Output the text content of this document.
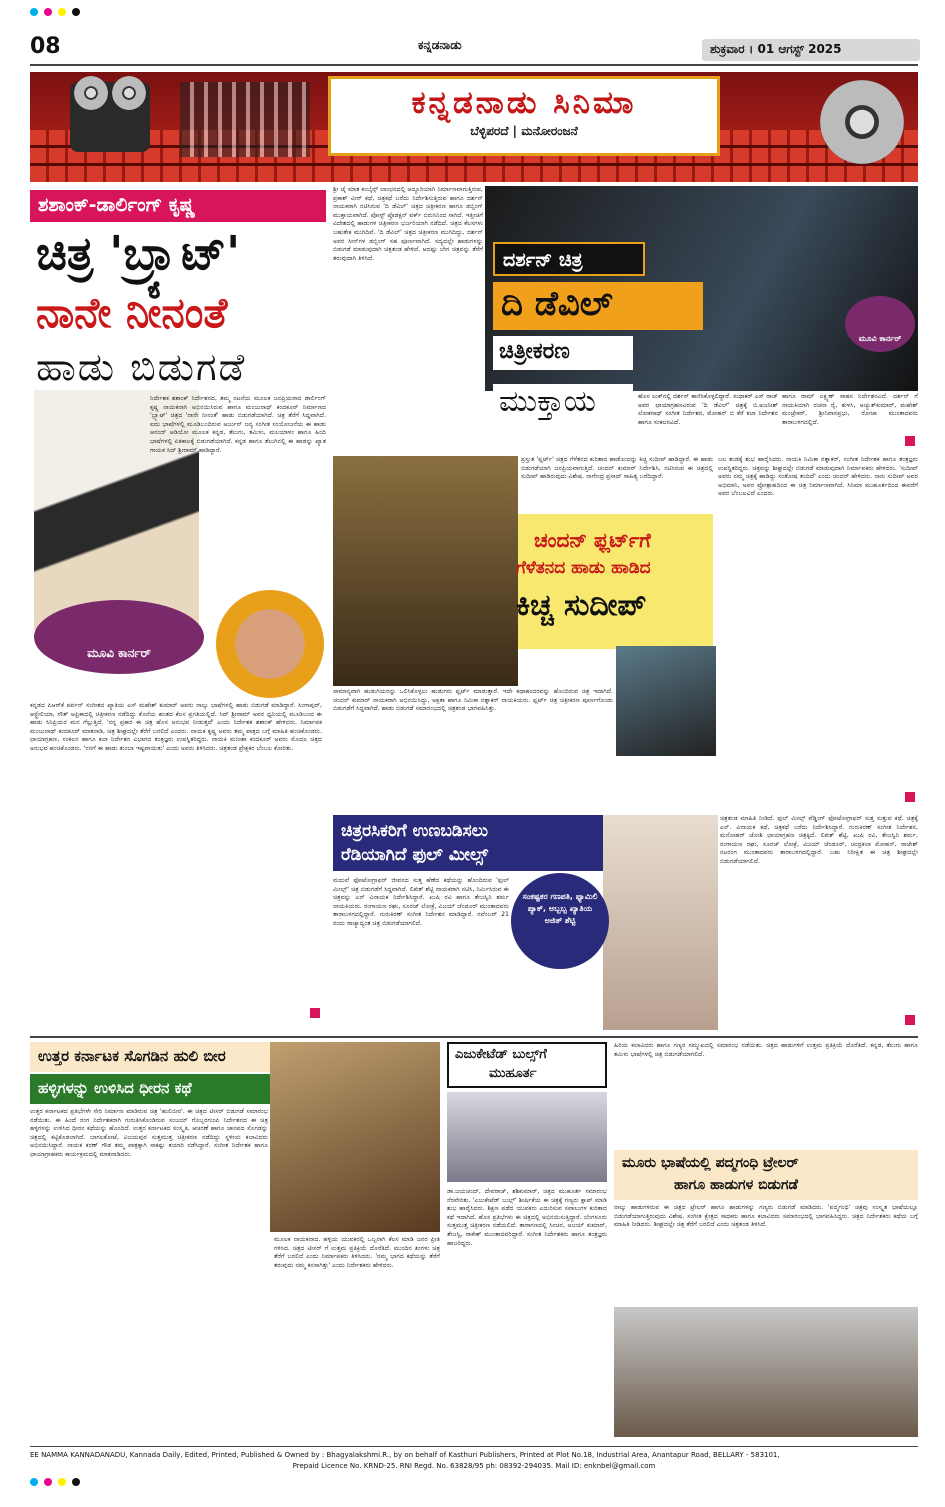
08	ಕನ್ನಡನಾಡು	ಶುಕ್ರವಾರ । 01 ಆಗಸ್ಟ್ 2025
ಕನ್ನಡನಾಡು ಸಿನಿಮಾ
ಬೆಳ್ಳಿಪರದೆ | ಮನೋರಂಜನೆ
ಶಶಾಂಕ್-ಡಾರ್ಲಿಂಗ್ ಕೃಷ್ಣ
ಚಿತ್ರ 'ಬ್ರ್ಯಾಟ್'
ನಾನೇ ನೀನಂತೆ
ಹಾಡು ಬಿಡುಗಡೆ
ನಿರ್ದೇಶಕ ಶಶಾಂಕ್ ನಿರ್ದೇಶನದ, ತಮ್ಮ ನಟನೆಯ ಮೂಲಕ ಜನಪ್ರಿಯರಾದ ಡಾರ್ಲಿಂಗ್ ಕೃಷ್ಣ ನಾಯಕನಾಗಿ ಅಭಿನಯಿಸಿರುವ ಹಾಗೂ ಮಂಜುನಾಥ್ ಕಂದಕೂರ್ ನಿರ್ಮಾಣದ 'ಬ್ರ್ಯಾಟ್' ಚಿತ್ರದ 'ನಾನೇ ನೀನಂತೆ' ಹಾಡು ಬಿಡುಗಡೆಯಾಗಿದೆ. ಚಿತ್ರ ತೆರೆಗೆ ಸಿದ್ದವಾಗಿದೆ. ಐದು ಭಾಷೆಗಳಲ್ಲಿ ಮೂಡಿಬಂದಿರುವ ಅರ್ಜುನ್ ಜನ್ಯ ಸಂಗೀತ ಸಂಯೋಜನೆಯ ಈ ಹಾಡು ಆನಂದ್ ಆಡಿಯೋ ಮೂಲಕ ಕನ್ನಡ, ತೆಲುಗು, ತಮಿಳು, ಮಲಯಾಳಂ ಹಾಗೂ ಹಿಂದಿ ಭಾಷೆಗಳಲ್ಲಿ ಏಕಕಾಲಕ್ಕೆ ಬಿಡುಗಡೆಯಾಗಿದೆ. ಕನ್ನಡ ಹಾಗೂ ತೆಲುಗಿನಲ್ಲಿ ಈ ಹಾಡನ್ನು ಖ್ಯಾತ ಗಾಯಕ ಸಿದ್ ಶ್ರೀರಾಮ್ ಹಾಡಿದ್ದಾರೆ.
ಮೂವಿ ಕಾರ್ನರ್
ಕನ್ನಡದ ಪಿಆರ್‌ಕೆ ಪರ್ವನ್ ಸಂಗೀತದ ಖ್ಯಾತಿಯ ಎಸ್ ಮಹೇಶ್ ಕುಮಾರ್ ಅವರು ನಾಲ್ಕು ಭಾಷೆಗಳಲ್ಲಿ ಹಾಡು ಬಿಡುಗಡೆ ಮಾಡಿದ್ದಾರೆ. ಸಿಂಗಾಪುರ್, ಆಸ್ಟ್ರೇಲಿಯಾ, ಸೌತ್ ಆಫ್ರಿಕಾದಲ್ಲಿ ಚಿತ್ರೀಕರಣ ನಡೆದಿದ್ದು ಕೊನೆಯ ಹಂತದ ಕೆಲಸ ಪ್ರಗತಿಯಲ್ಲಿದೆ. ಸಿದ್ ಶ್ರೀರಾಮ್ ಅವರ ಧ್ವನಿಯಲ್ಲಿ ಮೂಡಿಬಂದ ಈ ಹಾಡು ಸಿನಿಪ್ರಿಯರ ಮನ ಗೆಲ್ಲುತ್ತಿದೆ. 'ನನ್ನ ಪ್ರಕಾರ ಈ ಚಿತ್ರ ಹೊಸ ಅನುಭವ ನೀಡುತ್ತದೆ' ಎಂದು ನಿರ್ದೇಶಕ ಶಶಾಂಕ್ ಹೇಳಿದರು. ನಿರ್ಮಾಪಕ ಮಂಜುನಾಥ್ ಕಂದಕೂರ್ ಮಾತನಾಡಿ, ಚಿತ್ರ ಶೀಘ್ರದಲ್ಲೇ ತೆರೆಗೆ ಬರಲಿದೆ ಎಂದರು. ನಾಯಕ ಕೃಷ್ಣ ಅವರು ತಮ್ಮ ಪಾತ್ರದ ಬಗ್ಗೆ ಮಾಹಿತಿ ಹಂಚಿಕೊಂಡರು. ಛಾಯಾಗ್ರಹಣ, ಸಂಕಲನ ಹಾಗೂ ಕಲಾ ನಿರ್ದೇಶನ ವಿಭಾಗದ ತಂತ್ರಜ್ಞರು ಉಪಸ್ಥಿತರಿದ್ದರು. ನಾಯಕಿ ಮನೀಶಾ ಕಂದಕೂರ್ ಅವರು ಮೊದಲ ಚಿತ್ರದ ಅನುಭವ ಹಂಚಿಕೊಂಡರು. 'ನನಗೆ ಈ ಹಾಡು ತುಂಬಾ ಇಷ್ಟವಾಯಿತು' ಎಂದು ಅವರು ತಿಳಿಸಿದರು. ಚಿತ್ರತಂಡ ಪ್ರೇಕ್ಷಕರ ಬೆಂಬಲ ಕೋರಿತು.
ಶ್ರೀ ಜೈ ಮಾತ ಕಂಬೈನ್ಸ್ ಲಾಂಛನದಲ್ಲಿ ಅದ್ದೂರಿಯಾಗಿ ನಿರ್ಮಾಣವಾಗುತ್ತಿರುವ, ಪ್ರಕಾಶ್ ವೀರ್ ಕಥೆ, ಚಿತ್ರಕಥೆ ಬರೆದು ನಿರ್ದೇಶಿಸುತ್ತಿರುವ ಹಾಗೂ ದರ್ಶನ್ ನಾಯಕರಾಗಿ ನಟಿಸಿರುವ 'ದಿ ಡೆವಿಲ್' ಚಿತ್ರದ ಚಿತ್ರೀಕರಣ ಹಾಗೂ ಡಬ್ಬಿಂಗ್ ಮುಕ್ತಾಯವಾಗಿದೆ. ಪೋಸ್ಟ್ ಪ್ರೊಡಕ್ಷನ್ ವರ್ಕ್ ಬಿರುಸಿನಿಂದ ಸಾಗಿದೆ. ಇತ್ತೀಚಿಗೆ ವಿದೇಶದಲ್ಲಿ ಹಾಡುಗಳ ಚಿತ್ರೀಕರಣ ಭರ್ಜರಿಯಾಗಿ ನಡೆದಿದೆ. ಚಿತ್ರದ ಕೆಲಸಗಳು ಬಹುತೇಕ ಮುಗಿದಿವೆ. 'ದಿ ಡೆವಿಲ್' ಚಿತ್ರದ ಚಿತ್ರೀಕರಣ ಮುಗಿದಿದ್ದು, ದರ್ಶನ್ ಅವರ ಸೀನ್‌ಗಳ ಡಬ್ಬಿಂಗ್ ಸಹ ಪೂರ್ಣವಾಗಿದೆ. ಸದ್ಯದಲ್ಲೇ ಹಾಡುಗಳನ್ನು ಬಿಡುಗಡೆ ಮಾಡುವುದಾಗಿ ಚಿತ್ರತಂಡ ಹೇಳಿದೆ. ಆದಷ್ಟು ಬೇಗ ಚಿತ್ರವನ್ನು ತೆರೆಗೆ ತರುವುದಾಗಿ ತಿಳಿಸಿದೆ.	ದರ್ಶನ್ ಚಿತ್ರ
ದಿ ಡೆವಿಲ್
ಚಿತ್ರೀಕರಣ
ಮುಕ್ತಾಯ
ಮೂವಿ ಕಾರ್ನರ್
ಹೊಸ ಲುಕ್‌ನಲ್ಲಿ ದರ್ಶನ್ ಕಾಣಿಸಿಕೊಳ್ಳಲಿದ್ದಾರೆ. ಸುಧಾಕರ್ ಎಸ್ ರಾಜ್ ಅವರ ಛಾಯಾಗ್ರಹಣವಿರುವ 'ದಿ ಡೆವಿಲ್' ಚಿತ್ರಕ್ಕೆ ಬಿ.ಅಜನೀಶ್ ಲೋಕನಾಥ್ ಸಂಗೀತ ನಿರ್ದೇಶನ, ಮೋಹನ್ ಬಿ ಕೆರೆ ಕಲಾ ನಿರ್ದೇಶನ ಹಾಗೂ ಸಂಕಲನವಿದೆ.
ಹಾಗೂ ರಾಮ್ ಲಕ್ಷ್ಮಣ್ ಸಾಹಸ ನಿರ್ದೇಶನವಿದೆ. ದರ್ಶನ್ ಗೆ ನಾಯಕಿಯಾಗಿ ರಚನಾ ರೈ, ತುಳಸಿ, ಅಚ್ಯುತ್‌ಕುಮಾರ್, ಮಹೇಶ್ ಮಂಜ್ರೇಕರ್, ಶ್ರೀನಿವಾಸಪ್ರಭು, ರೋಜಾ ಮುಂತಾದವರು ತಾರಾಬಳಗದಲ್ಲಿದೆ.
ಪ್ರಸ್ತುತ 'ಫ್ಲರ್ಟ್' ಚಿತ್ರದ ಗೆಳೆತನದ ಕುರಿತಾದ ಹಾಡೊಂದನ್ನು ಕಿಚ್ಚ ಸುದೀಪ್ ಹಾಡಿದ್ದಾರೆ. ಈ ಹಾಡು ಬಿಡುಗಡೆಯಾಗಿ ಜನಪ್ರಿಯವಾಗುತ್ತಿದೆ. ಚಂದನ್ ಕುಮಾರ್ ನಿರ್ದೇಶಿಸಿ, ನಟಿಸಿರುವ ಈ ಚಿತ್ರದಲ್ಲಿ ಸುದೀಪ್ ಹಾಡಿರುವುದು ವಿಶೇಷ. ನಾಗೇಂದ್ರ ಪ್ರಸಾದ್ ಸಾಹಿತ್ಯ ಬರೆದಿದ್ದಾರೆ.
ಚಂದನ್ ಫ್ಲರ್ಟ್‌ಗೆ
ಗೆಳೆತನದ ಹಾಡು ಹಾಡಿದ
ಕಿಚ್ಚ ಸುದೀಪ್
ಬಲ ತಂಡಕ್ಕೆ ಶುಭ ಹಾರೈಸಿದರು. ನಾಯಕಿ ನಿಮಿಕಾ ರತ್ನಾಕರ್, ಸಂಗೀತ ನಿರ್ದೇಶಕ ಹಾಗೂ ತಂತ್ರಜ್ಞರು ಉಪಸ್ಥಿತರಿದ್ದರು. ಚಿತ್ರವನ್ನು ಶೀಘ್ರದಲ್ಲೇ ಬಿಡುಗಡೆ ಮಾಡುವುದಾಗಿ ನಿರ್ಮಾಪಕರು ಹೇಳಿದರು. 'ಸುದೀಪ್ ಅವರು ನಮ್ಮ ಚಿತ್ರಕ್ಕೆ ಹಾಡಿದ್ದು ಸಂತೋಷ ತಂದಿದೆ' ಎಂದು ಚಂದನ್ ಹೇಳಿದರು. ನಾನು ಸುದೀಪ್ ಅವರ ಅಭಿಮಾನಿ, ಅವರ ಪ್ರೋತ್ಸಾಹದಿಂದ ಈ ಚಿತ್ರ ನಿರ್ಮಾಣವಾಗಿದೆ. ಸಿನಿಮಾ ಮುಹೂರ್ತದಿಂದ ಈವರೆಗೆ ಅವರ ಬೆಂಬಲವಿದೆ ಎಂದರು.
ಸಾಮಾನ್ಯವಾಗಿ ಹುಡುಗಿಯರನ್ನು ಒಲಿಸಿಕೊಳ್ಳಲು ಹುಡುಗರು ಫ್ಲರ್ಟ್ ಮಾಡುತ್ತಾರೆ. ಇದೇ ಕಥಾಹಂದರವನ್ನು ಹೊಂದಿರುವ ಚಿತ್ರ ಇದಾಗಿದೆ. ಚಂದನ್ ಕುಮಾರ್ ನಾಯಕರಾಗಿ ಅಭಿನಯಿಸಿದ್ದು, ಅಕ್ಷತಾ ಹಾಗೂ ನಿಮಿಕಾ ರತ್ನಾಕರ್ ನಾಯಕಿಯರು. ಫ್ಲರ್ಟ್ ಚಿತ್ರ ಚಿತ್ರೀಕರಣ ಪೂರ್ಣಗೊಂಡು ಬಿಡುಗಡೆಗೆ ಸಿದ್ಧವಾಗಿದೆ. ಹಾಡು ಬಿಡುಗಡೆ ಸಮಾರಂಭದಲ್ಲಿ ಚಿತ್ರತಂಡ ಭಾಗವಹಿಸಿತ್ತು.
ಚಿತ್ರರಸಿಕರಿಗೆ ಉಣಬಡಿಸಲು
ರೆಡಿಯಾಗಿದೆ ಫುಲ್ ಮೀಲ್ಸ್
ಸಂಕಷ್ಟಕರ ಗಣಪತಿ, ಫ್ಯಾಮಿಲಿ ಪ್ಯಾಕ್, ಅಬ್ಬಬ್ಬ ಖ್ಯಾತಿಯ ಅಜಿತ್ ಶೆಟ್ಟಿ
ಮದುವೆ ಫೋಟೋಗ್ರಾಫರ್ ಜೀವನದ ಸುತ್ತ ಹೆಣೆದ ಕಥೆಯನ್ನು ಹೊಂದಿರುವ 'ಫುಲ್ ಮೀಲ್ಸ್' ಚಿತ್ರ ಬಿಡುಗಡೆಗೆ ಸಿದ್ಧವಾಗಿದೆ. ಲಿಖಿತ್ ಶೆಟ್ಟಿ ನಾಯಕರಾಗಿ ನಟಿಸಿ, ನಿರ್ಮಿಸಿರುವ ಈ ಚಿತ್ರವನ್ನು ಎನ್ ವಿನಾಯಕ ನಿರ್ದೇಶಿಸಿದ್ದಾರೆ. ಖುಷಿ ರವಿ ಹಾಗೂ ತೇಜಸ್ವಿನಿ ಶರ್ಮ ನಾಯಕಿಯರು. ರಂಗಾಯಣ ರಘು, ಸೂರಜ್ ಲೋಕ್ರೆ, ವಿಜಯ್ ಚೆಂಡೂರ್ ಮುಂತಾದವರು ತಾರಾಬಳಗದಲ್ಲಿದ್ದಾರೆ. ಗುರುಕಿರಣ್ ಸಂಗೀತ ನಿರ್ದೇಶನ ಮಾಡಿದ್ದಾರೆ. ನವೆಂಬರ್ 21 ರಂದು ರಾಜ್ಯಾದ್ಯಂತ ಚಿತ್ರ ಬಿಡುಗಡೆಯಾಗಲಿದೆ.
ಚಿತ್ರತಂಡ ಮಾಹಿತಿ ನೀಡಿದೆ. ಫುಲ್ ಮೀಲ್ಸ್ ವೆಡ್ಡಿಂಗ್ ಫೋಟೋಗ್ರಾಫರ್ ಸುತ್ತ ಸುತ್ತುವ ಕಥೆ. ಚಿತ್ರಕ್ಕೆ ಎನ್. ವಿನಾಯಕ ಕಥೆ, ಚಿತ್ರಕಥೆ ಬರೆದು ನಿರ್ದೇಶಿಸಿದ್ದಾರೆ. ಗುರುಕಿರಣ್ ಸಂಗೀತ ನಿರ್ದೇಶನ, ಮನೋಹರ್ ಜೋಶಿ ಛಾಯಾಗ್ರಹಣ ಚಿತ್ರಕ್ಕಿದೆ. ಲಿಖಿತ್ ಶೆಟ್ಟಿ, ಖುಷಿ ರವಿ, ತೇಜಸ್ವಿನಿ ಶರ್ಮ, ರಂಗಾಯಣ ರಘು, ಸೂರಜ್ ಲೋಕ್ರೆ, ವಿಜಯ್ ಚೆಂಡೂರ್, ಚಂದ್ರಕಲಾ ಮೋಹನ್, ರಾಜೇಶ್ ನಟರಂಗ ಮುಂತಾದವರು ತಾರಾಬಳಗದಲ್ಲಿದ್ದಾರೆ. ಬಹು ನಿರೀಕ್ಷಿತ ಈ ಚಿತ್ರ ಶೀಘ್ರದಲ್ಲೇ ಬಿಡುಗಡೆಯಾಗಲಿದೆ.
ಉತ್ತರ ಕರ್ನಾಟಕ ಸೊಗಡಿನ ಹುಲಿ ಬೀರ
ಹಳ್ಳಿಗಳನ್ನು ಉಳಿಸಿದ ಧೀರನ ಕಥೆ
ಉತ್ತರ ಕರ್ನಾಟಕದ ಪ್ರತಿಭೆಗಳೇ ಸೇರಿ ನಿರ್ಮಾಣ ಮಾಡಿರುವ ಚಿತ್ರ 'ಹುಲಿಬೀರ'. ಈ ಚಿತ್ರದ ಟೀಸರ್ ಬಿಡುಗಡೆ ಸಮಾರಂಭ ನಡೆಯಿತು. ಈ ಹಿಂದೆ ರಂಗ ನಿರ್ದೇಶಕರಾಗಿ ಗುರುತಿಸಿಕೊಂಡಿರುವ ಸಂಜಯ್ ಗೊಬ್ಬರಗುಂಪಿ ನಿರ್ದೇಶನದ ಈ ಚಿತ್ರ ಹಳ್ಳಿಗಳನ್ನು ಉಳಿಸಿದ ಧೀರನ ಕಥೆಯನ್ನು ಹೊಂದಿದೆ. ಉತ್ತರ ಕರ್ನಾಟಕದ ಸಂಸ್ಕೃತಿ, ಆಚರಣೆ ಹಾಗೂ ಜಾನಪದ ಸೊಗಡನ್ನು ಚಿತ್ರದಲ್ಲಿ ಕಟ್ಟಿಕೊಡಲಾಗಿದೆ. ಬಾಗಲಕೋಟೆ, ವಿಜಯಪುರ ಸುತ್ತಮುತ್ತ ಚಿತ್ರೀಕರಣ ನಡೆದಿದ್ದು ಸ್ಥಳೀಯ ಕಲಾವಿದರು ಅಭಿನಯಿಸಿದ್ದಾರೆ. ನಾಯಕ ಕರಣ್ ಗೌಡ ತಮ್ಮ ಪಾತ್ರಕ್ಕಾಗಿ ಸಾಕಷ್ಟು ತಯಾರಿ ನಡೆಸಿದ್ದಾರೆ. ಸಂಗೀತ ನಿರ್ದೇಶಕ ಹಾಗೂ ಛಾಯಾಗ್ರಾಹಕರು ಕಾರ್ಯಕ್ರಮದಲ್ಲಿ ಮಾತನಾಡಿದರು.
ಮೂಲಕ ನಾಯಕನಾದ. ಹಳ್ಳಿಯ ಯುವಕರಲ್ಲಿ ಒಬ್ಬನಾಗಿ ಕೆಲಸ ಮಾಡಿ ಜನರ ಪ್ರೀತಿ ಗಳಿಸಿದ. ಚಿತ್ರದ ಟೀಸರ್ ಗೆ ಉತ್ತಮ ಪ್ರತಿಕ್ರಿಯೆ ದೊರೆತಿದೆ. ಮುಂದಿನ ತಿಂಗಳು ಚಿತ್ರ ತೆರೆಗೆ ಬರಲಿದೆ ಎಂದು ನಿರ್ಮಾಪಕರು ತಿಳಿಸಿದರು. 'ನಮ್ಮ ಭಾಗದ ಕಥೆಯನ್ನು ತೆರೆಗೆ ತರುವುದು ನಮ್ಮ ಕನಸಾಗಿತ್ತು' ಎಂದು ನಿರ್ದೇಶಕರು ಹೇಳಿದರು.
ಎಜುಕೇಟೆಡ್ ಬುಲ್ಸ್‌ಗೆ
ಮುಹೂರ್ತ
ಡಾ.ಜಯಚಂದ್, ದೇವರಾಜ್, ಶಶಿಕುಮಾರ್, ಚಿತ್ರದ ಮುಹೂರ್ತ ಸಮಾರಂಭ ನೆರವೇರಿತು. 'ಎಜುಕೇಟೆಡ್ ಬುಲ್ಸ್' ಶೀರ್ಷಿಕೆಯ ಈ ಚಿತ್ರಕ್ಕೆ ಗಣ್ಯರು ಕ್ಲಾಪ್ ಮಾಡಿ ಶುಭ ಹಾರೈಸಿದರು. ಶಿಕ್ಷಣ ಪಡೆದ ಯುವಕರು ಎದುರಿಸುವ ಸವಾಲುಗಳ ಕುರಿತಾದ ಕಥೆ ಇದಾಗಿದೆ. ಹೊಸ ಪ್ರತಿಭೆಗಳು ಈ ಚಿತ್ರದಲ್ಲಿ ಅಭಿನಯಿಸುತ್ತಿದ್ದಾರೆ. ಬೆಂಗಳೂರು ಸುತ್ತಮುತ್ತ ಚಿತ್ರೀಕರಣ ನಡೆಯಲಿದೆ. ತಾರಾಗಣದಲ್ಲಿ ಸಿಂಚನ, ಅಜಯ್ ಕುಮಾರ್, ತೇಜಸ್ವಿ, ರಾಕೇಶ್ ಮುಂತಾದವರಿದ್ದಾರೆ. ಸಂಗೀತ ನಿರ್ದೇಶಕರು ಹಾಗೂ ತಂತ್ರಜ್ಞರು ಹಾಜರಿದ್ದರು.
ಹಿರಿಯ ಕಲಾವಿದರು ಹಾಗೂ ಗಣ್ಯರ ಸಮ್ಮುಖದಲ್ಲಿ ಸಮಾರಂಭ ನಡೆಯಿತು. ಚಿತ್ರದ ಹಾಡುಗಳಿಗೆ ಉತ್ತಮ ಪ್ರತಿಕ್ರಿಯೆ ದೊರೆತಿದೆ. ಕನ್ನಡ, ತೆಲುಗು ಹಾಗೂ ತಮಿಳು ಭಾಷೆಗಳಲ್ಲಿ ಚಿತ್ರ ಬಿಡುಗಡೆಯಾಗಲಿದೆ.
ಮೂರು ಭಾಷೆಯಲ್ಲಿ ಪದ್ಮಗಂಧಿ ಟ್ರೇಲರ್
ಹಾಗೂ ಹಾಡುಗಳ ಬಿಡುಗಡೆ
ನಾಲ್ಕು ಹಾಡುಗಳಿರುವ ಈ ಚಿತ್ರದ ಟ್ರೇಲರ್ ಹಾಗೂ ಹಾಡುಗಳನ್ನು ಗಣ್ಯರು ಬಿಡುಗಡೆ ಮಾಡಿದರು. 'ಪದ್ಮಗಂಧಿ' ಚಿತ್ರವು ಸಂಸ್ಕೃತ ಭಾಷೆಯಲ್ಲೂ ಬಿಡುಗಡೆಯಾಗುತ್ತಿರುವುದು ವಿಶೇಷ. ಸಂಗೀತ ಕ್ಷೇತ್ರದ ಸಾಧಕರು ಹಾಗೂ ಕಲಾವಿದರು ಸಮಾರಂಭದಲ್ಲಿ ಭಾಗವಹಿಸಿದ್ದರು. ಚಿತ್ರದ ನಿರ್ದೇಶಕರು ಕಥೆಯ ಬಗ್ಗೆ ಮಾಹಿತಿ ನೀಡಿದರು. ಶೀಘ್ರದಲ್ಲೇ ಚಿತ್ರ ತೆರೆಗೆ ಬರಲಿದೆ ಎಂದು ಚಿತ್ರತಂಡ ತಿಳಿಸಿದೆ.
EE NAMMA KANNADANADU, Kannada Daily, Edited, Printed, Published & Owned by : Bhagyalakshmi.R., by on behalf of Kasthuri Publishers, Printed at Plot No.18, Industrial Area, Anantapur Road, BELLARY - 583101,
Prepaid Licence No. KRND-25. RNI Regd. No. 63828/95 ph: 08392-294035. Mail ID: enknbel@gmail.com
